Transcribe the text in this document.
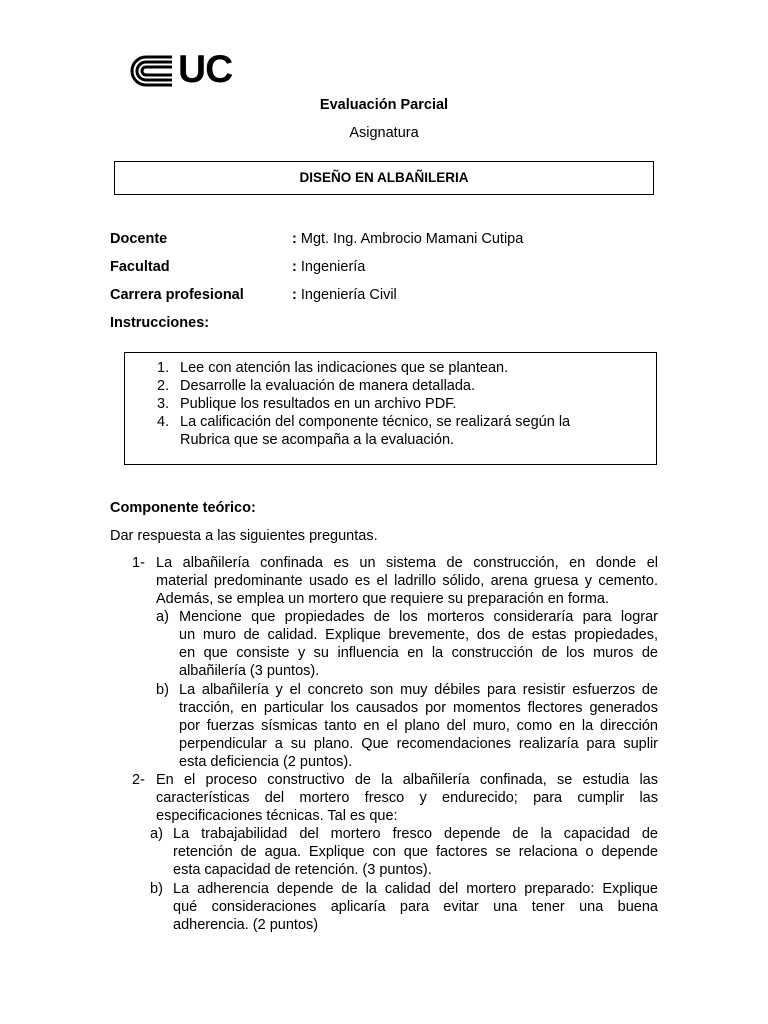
UC
Evaluación Parcial
Asignatura
DISEÑO EN ALBAÑILERIA
Docente	: Mgt. Ing. Ambrocio Mamani Cutipa
Facultad	: Ingeniería
Carrera profesional	: Ingeniería Civil
Instrucciones:
1. Lee con atención las indicaciones que se plantean.
2. Desarrolle la evaluación de manera detallada.
3. Publique los resultados en un archivo PDF.
4. La calificación del componente técnico, se realizará según la
Rubrica que se acompaña a la evaluación.
Componente teórico:
Dar respuesta a las siguientes preguntas.
1- La albañilería confinada es un sistema de construcción, en donde el
material predominante usado es el ladrillo sólido, arena gruesa y cemento.
Además, se emplea un mortero que requiere su preparación en forma.
a) Mencione que propiedades de los morteros consideraría para lograr
un muro de calidad. Explique brevemente, dos de estas propiedades,
en que consiste y su influencia en la construcción de los muros de
albañilería (3 puntos).
b) La albañilería y el concreto son muy débiles para resistir esfuerzos de
tracción, en particular los causados por momentos flectores generados
por fuerzas sísmicas tanto en el plano del muro, como en la dirección
perpendicular a su plano. Que recomendaciones realizaría para suplir
esta deficiencia (2 puntos).
2- En el proceso constructivo de la albañilería confinada, se estudia las
características del mortero fresco y endurecido; para cumplir las
especificaciones técnicas. Tal es que:
a) La trabajabilidad del mortero fresco depende de la capacidad de
retención de agua. Explique con que factores se relaciona o depende
esta capacidad de retención. (3 puntos).
b) La adherencia depende de la calidad del mortero preparado: Explique
qué consideraciones aplicaría para evitar una tener una buena
adherencia. (2 puntos)
